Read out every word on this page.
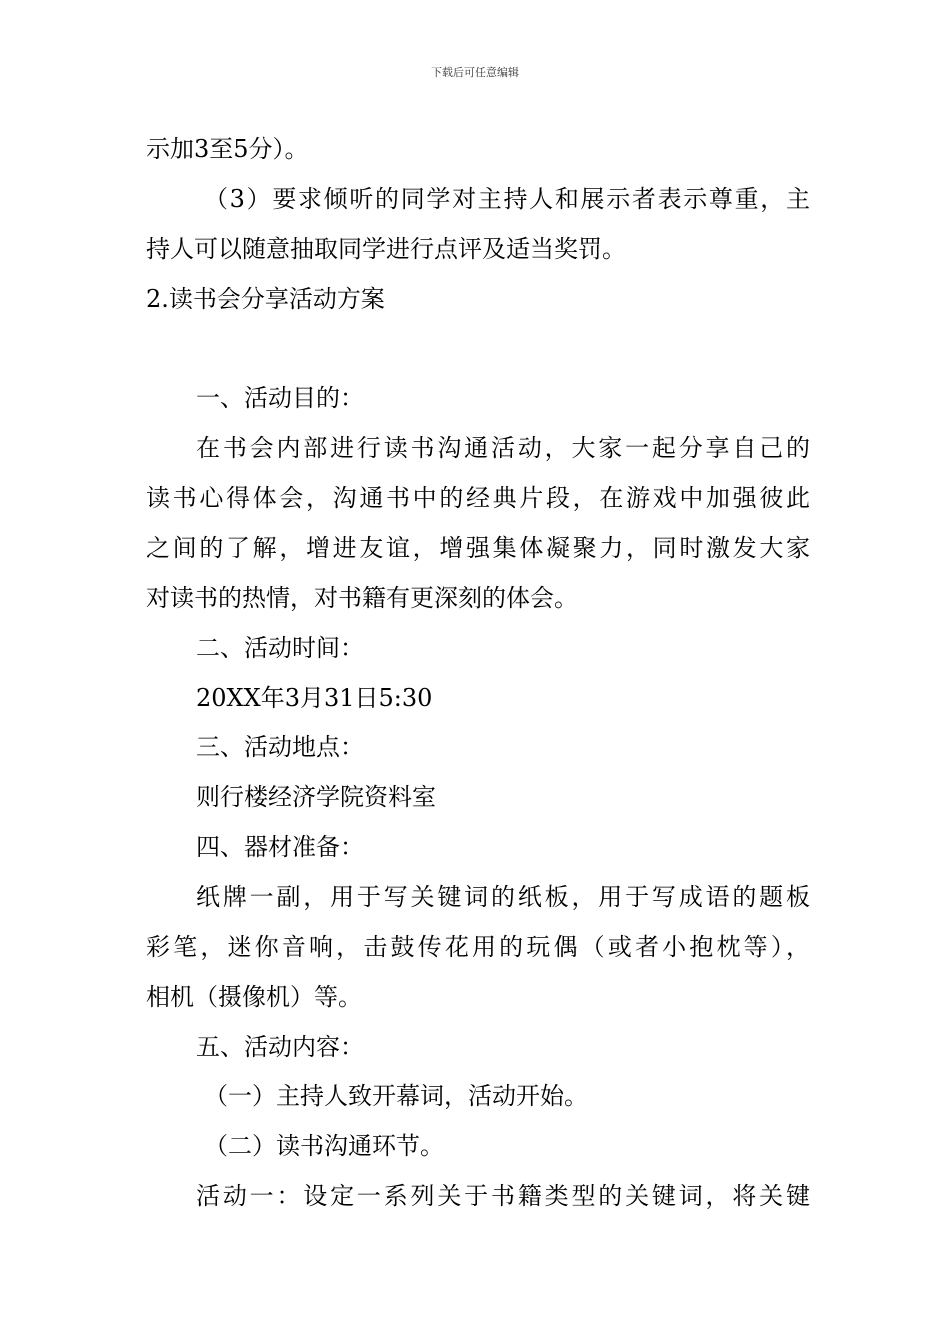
下载后可任意编辑
示加3至5分）。
（3）要求倾听的同学对主持人和展示者表示尊重，主
持人可以随意抽取同学进行点评及适当奖罚。
2.读书会分享活动方案
一、活动目的：
在书会内部进行读书沟通活动，大家一起分享自己的
读书心得体会，沟通书中的经典片段，在游戏中加强彼此
之间的了解，增进友谊，增强集体凝聚力，同时激发大家
对读书的热情，对书籍有更深刻的体会。
二、活动时间：
20XX年3月31日5:30
三、活动地点：
则行楼经济学院资料室
四、器材准备：
纸牌一副，用于写关键词的纸板，用于写成语的题板
彩笔，迷你音响，击鼓传花用的玩偶（或者小抱枕等），
相机（摄像机）等。
五、活动内容：
（一）主持人致开幕词，活动开始。
（二）读书沟通环节。
活动一：设定一系列关于书籍类型的关键词，将关键
